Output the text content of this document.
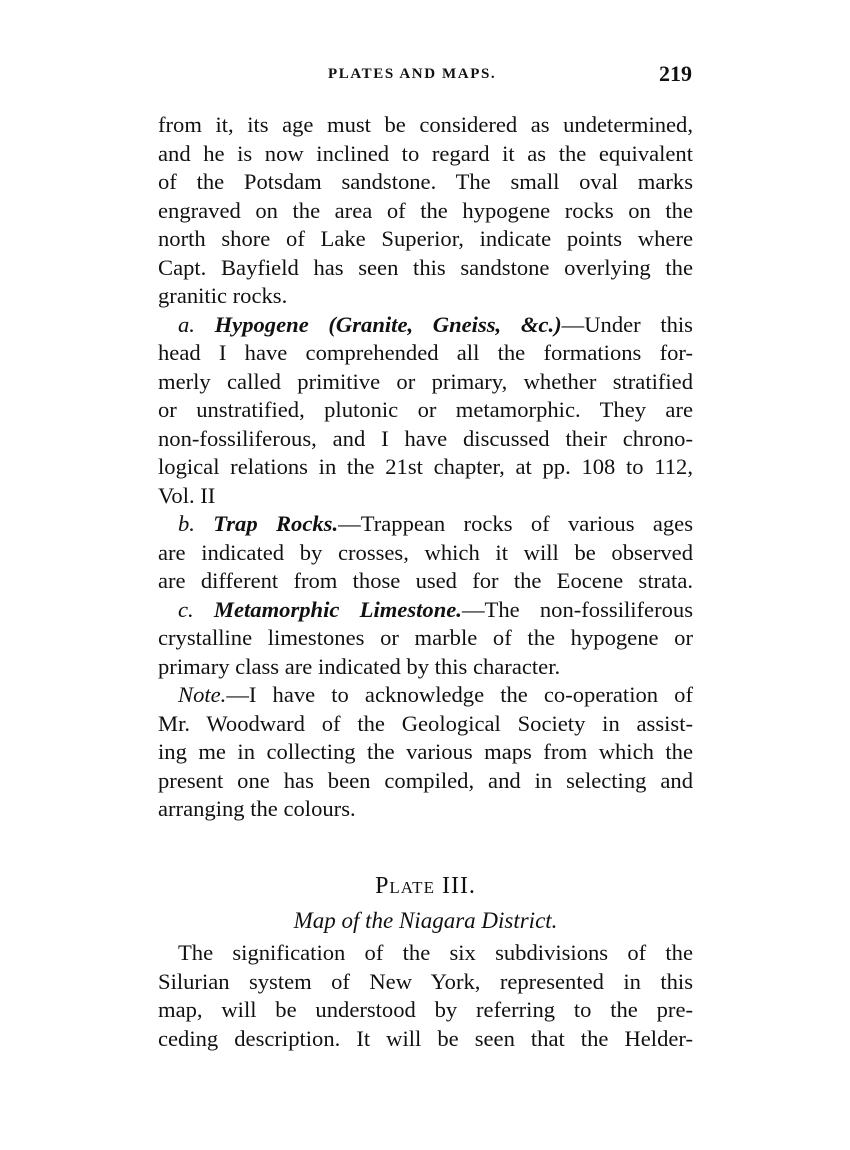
PLATES AND MAPS.	219
from it, its age must be considered as undetermined,
and he is now inclined to regard it as the equivalent
of the Potsdam sandstone. The small oval marks
engraved on the area of the hypogene rocks on the
north shore of Lake Superior, indicate points where
Capt. Bayfield has seen this sandstone overlying the
granitic rocks.
a. Hypogene (Granite, Gneiss, &c.)—Under this
head I have comprehended all the formations for-
merly called primitive or primary, whether stratified
or unstratified, plutonic or metamorphic. They are
non-fossiliferous, and I have discussed their chrono-
logical relations in the 21st chapter, at pp. 108 to 112,
Vol. II
b. Trap Rocks.—Trappean rocks of various ages
are indicated by crosses, which it will be observed
are different from those used for the Eocene strata.
c. Metamorphic Limestone.—The non-fossiliferous
crystalline limestones or marble of the hypogene or
primary class are indicated by this character.
Note.—I have to acknowledge the co-operation of
Mr. Woodward of the Geological Society in assist-
ing me in collecting the various maps from which the
present one has been compiled, and in selecting and
arranging the colours.
Plate III.
Map of the Niagara District.
The signification of the six subdivisions of the
Silurian system of New York, represented in this
map, will be understood by referring to the pre-
ceding description. It will be seen that the Helder-
